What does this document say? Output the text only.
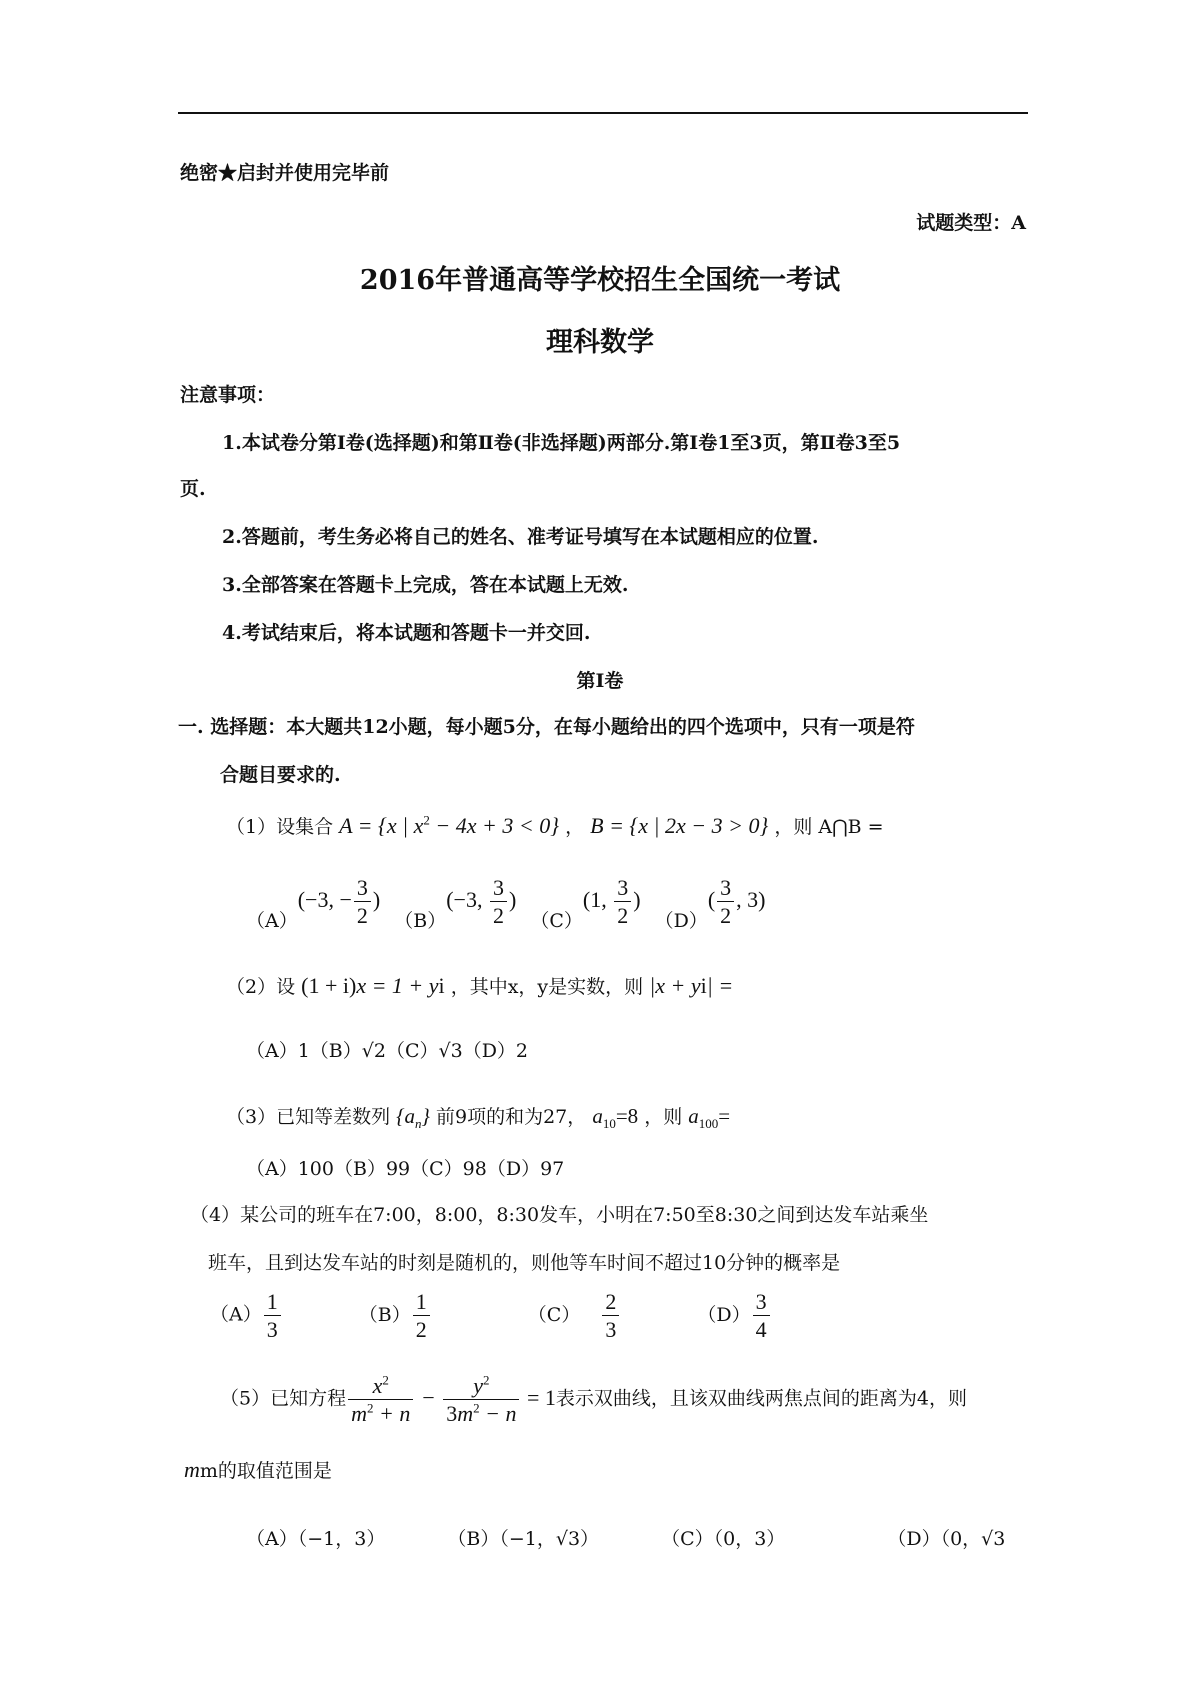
绝密★启封并使用完毕前
试题类型：A
2016年普通高等学校招生全国统一考试
理科数学
注意事项：
1.本试卷分第Ⅰ卷(选择题)和第Ⅱ卷(非选择题)两部分.第Ⅰ卷1至3页，第Ⅱ卷3至5
页.
2.答题前，考生务必将自己的姓名、准考证号填写在本试题相应的位置.
3.全部答案在答题卡上完成，答在本试题上无效.
4.考试结束后，将本试题和答题卡一并交回.
第Ⅰ卷
一. 选择题：本大题共12小题，每小题5分，在每小题给出的四个选项中，只有一项是符
合题目要求的.
（1）设集合 A = {x | $x^2 - 4x + 3 < 0$} ， B = {x | 2x − 3 > 0} ，则 A⋂B =
（A）(−3, − $\frac{3}{2}$ ) （B）(−3, $\frac{3}{2}$ ) （C）(1, $\frac{3}{2}$ ) $(D)( \frac{3}{2}$ , 3)
（2）设 (1 + i)x = 1 + yi ，其中x，y是实数，则 |x + yi| =
（A）1（B）√2（C）√3（D）2
（3）已知等差数列 $\{a_n\}$ 前9项的和为27， $a_{10}=8$ ，则 $a_{100}=$
（A）100（B）99（C）98（D）97
（4）某公司的班车在7:00，8:00，8:30发车，小明在7:50至8:30之间到达发车站乘坐
班车，且到达发车站的时刻是随机的，则他等车时间不超过10分钟的概率是
$(A) \frac{1}{3}$	$(B) \frac{1}{2}$	$(C) \frac{2}{3}$	$(D) \frac{3}{4}$
（5）已知方程 $\frac{x^2}{m^2 + n} - \frac{y^2}{3m^2 - n} = 1$表示双曲线，且该双曲线两焦点间的距离为4，则
mm的取值范围是
（A）（−1，3）	（B）（−1，√3）	（C）（0，3）	（D）（0，√3
